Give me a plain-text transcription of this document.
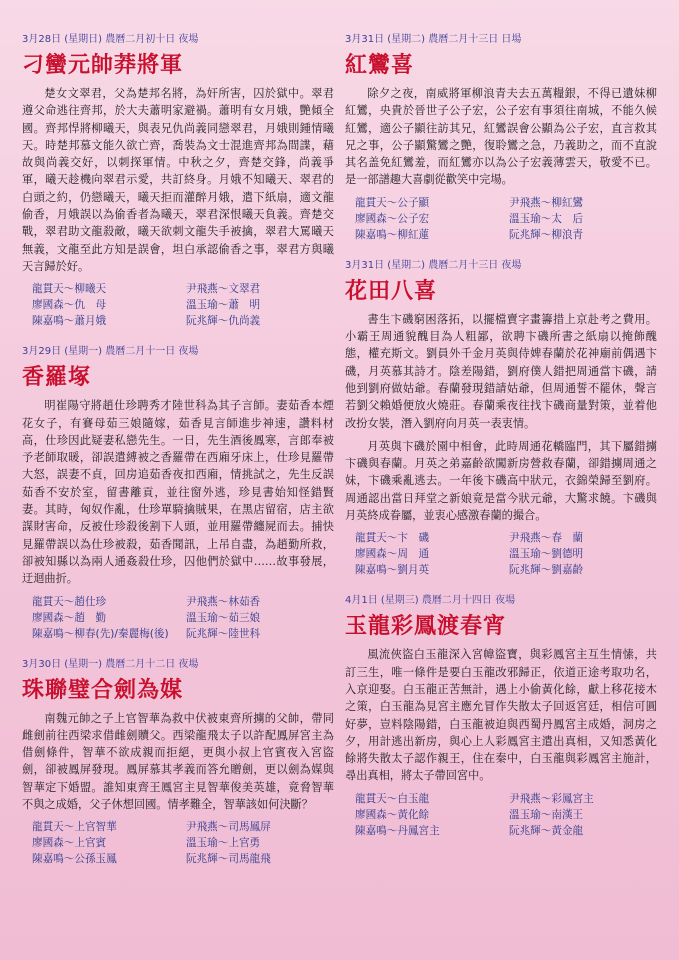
3月28日 (星期日) 農曆二月初十日 夜場
刁蠻元帥莽將軍
楚女文翠君，父為楚邦名將，為奸所害，囚於獄中。翠君遵父命逃往齊邦，於大夫蕭明家避禍。蕭明有女月娥，艷傾全國。齊邦悍將柳曦天，與表兄仇尚義同戀翠君，月娥則鍾情曦天。時楚邦慕文能久欲亡齊，喬裝為文士混進齊邦為間諜，藉故與尚義交好，以刺探軍情。中秋之夕，齊楚交鋒，尚義爭軍，曦天趁機向翠君示愛，共訂終身。月娥不知曦天、翠君的白頭之約，仍戀曦天，曦天拒而灌醉月娥，遣下紙扇，適文龍偷香，月娥誤以為偷香者為曦天，翠君深恨曦天負義。齊楚交戰，翠君助文龍殺敵，曦天欲刺文龍失手被擒，翠君大罵曦天無義，文龍至此方知是誤會，坦白承認偷香之事，翠君方與曦天言歸於好。
龍貫天～柳曦天	尹飛燕～文翠君
廖國森～仇　母	溫玉瑜～蕭　明
陳嘉鳴～蕭月娥	阮兆輝～仇尚義
3月29日 (星期一) 農曆二月十一日 夜場
香羅塚
明崔陽守將趙仕珍聘秀才陸世科為其子言師。妻茹香本煙花女子，有賽母茹三娘隨嫁，茹香見言師進步神速，讚料材高，仕珍因此疑妻私戀先生。一日，先生酒後鳳寒，言郎奉被予老師取暖，卻誤遣縛被之香羅帶在西廂牙床上，仕珍見羅帶大怒，誤妻不貞，回房追茹香夜扣西廂，情挑試之，先生反誤茹香不安於室，留書離貢，並往窗外逃，珍見書始知怪錯賢妻。其時，匈奴作亂，仕珍單騎擒賊果，在黑店留宿，店主欲謀財害命，反被仕珍殺後割下人頭，並用羅帶纏屍而去。捕快見羅帶誤以為仕珍被殺，茹香聞訊，上吊自盡，為趙勤所救，卻被知縣以為兩人通姦殺仕珍，囚他們於獄中……故事發展，迂迴曲折。
龍貫天～趙仕珍	尹飛燕～林茹香
廖國森～趙　勤	溫玉瑜～茹三娘
陳嘉鳴～柳春(先)/秦麗梅(後)	阮兆輝～陸世科
3月30日 (星期一) 農曆二月十二日 夜場
珠聯璧合劍為媒
南魏元帥之子上官智華為救中伏被東齊所擄的父帥，帶同雌劍前往西梁求借雌劍贖父。西梁龍飛太子以許配鳳屏宮主為借劍條件，智華不欲成親而拒絕，更與小叔上官賓夜入宮盜劍，卻被鳳屏發現。鳳屏慕其孝義而答允贈劍，更以劍為媒與智華定下婚盟。誰知東齊王鳳宮主見智華俊美英雄，竟脅智華不與之成婚，父子休想回國。情孝難全，智華該如何決斷？
龍貫天～上官智華	尹飛燕～司馬鳳屏
廖國森～上官賓	溫玉瑜～上官勇
陳嘉鳴～公孫玉鳳	阮兆輝～司馬龍飛
3月31日 (星期二) 農曆二月十三日 日場
紅鸞喜
除夕之夜，南威將軍柳浪青夫去五萬糧銀，不得已遺妹柳紅鸞，央貴於晉世子公子宏，公子宏有事須往南城，不能久候紅鸞，適公子顯往訪其兄，紅鸞誤會公顯為公子宏，直言救其兄之事，公子顯驚鸞之艷，復聆鸞之急，乃義助之，而不直說其名盖免紅鸞羞，而紅鸞亦以為公子宏義薄雲天，敬愛不已。是一部譜趣大喜劇從歡笑中完場。
龍貫天～公子顯	尹飛燕～柳紅鸞
廖國森～公子宏	溫玉瑜～太　后
陳嘉鳴～柳紅蓮	阮兆輝～柳浪青
3月31日 (星期二) 農曆二月十三日 夜場
花田八喜
書生卞磯窮困落拓，以擺檔賣字畫籌措上京赴考之費用。小霸王周通貌醜目為人粗鄙，欲聘卞磯所書之紙扇以掩飾醜態，權充斯文。劉員外千金月英與侍婢春蘭於花神廟前偶遇卞磯，月英慕其詩才。陰差陽錯，劉府僕人錯把周通當卞磯，請他到劉府做姑爺。春蘭發現錯請姑爺，但周通誓不罷休，聲言若劉父賴婚便放火燒莊。春蘭乘夜往找卞磯商量對策，並着他改扮女裝，潛入劉府向月英一表衷情。
月英與卞磯於園中相會，此時周通花轎臨門，其下屬錯擄卞磯與春蘭。月英之弟嘉齡欲闖新房營救春蘭，卻錯擄周通之妹，卞磯乘亂逃去。一年後卞磯高中狀元，衣錦榮歸至劉府。周通認出當日拜堂之新娘竟是當今狀元爺，大驚求饒。卞磯與月英終成眷屬，並衷心感激春蘭的撮合。
龍貫天～卞　磯	尹飛燕～春　蘭
廖國森～周　通	溫玉瑜～劉德明
陳嘉鳴～劉月英	阮兆輝～劉嘉齡
4月1日 (星期三) 農曆二月十四日 夜場
玉龍彩鳳渡春宵
風流俠盜白玉龍深入宮幃盜寶，與彩鳳宮主互生情愫，共訂三生，唯一條件是要白玉龍改邪歸正，依道正途考取功名，入京迎娶。白玉龍正苦無計，遇上小偷黃化餘，獻上移花接木之策，白玉龍為見宮主應允冒作失散太子回返宮廷，相信可圓好夢，豈料陰陽錯，白玉龍被迫與西蜀丹鳳宮主成婚，洞房之夕，用計逃出新房，與心上人彩鳳宮主遣出真相，又知悉黃化餘將失散太子認作親王，住在秦中，白玉龍與彩鳳宮主施計，尋出真相，將太子帶回宮中。
龍貫天～白玉龍	尹飛燕～彩鳳宮主
廖國森～黃化餘	溫玉瑜～南漢王
陳嘉鳴～丹鳳宮主	阮兆輝～黃金龍
